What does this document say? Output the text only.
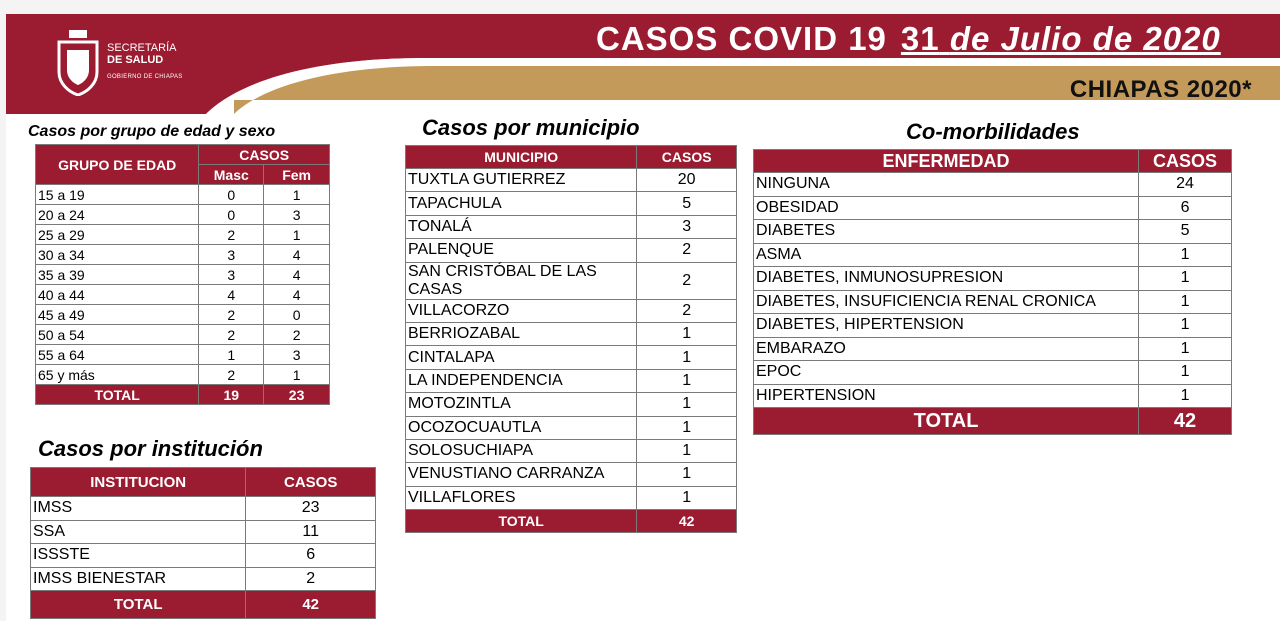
SECRETARÍA
DE SALUD
GOBIERNO DE CHIAPAS
CASOS COVID 19 31 de Julio de 2020
CHIAPAS 2020*
Casos por grupo de edad y sexo
GRUPO DE EDAD	CASOS	
	Masc	Fem
15 a 19	0	1
20 a 24	0	3
25 a 29	2	1
30 a 34	3	4
35 a 39	3	4
40 a 44	4	4
45 a 49	2	0
50 a 54	2	2
55 a 64	1	3
65 y más	2	1
TOTAL	19	23
Casos por institución
INSTITUCION	CASOS
IMSS	23
SSA	11
ISSSTE	6
IMSS BIENESTAR	2
TOTAL	42
Casos por municipio
MUNICIPIO	CASOS
TUXTLA GUTIERREZ	20
TAPACHULA	5
TONALÁ	3
PALENQUE	2
SAN CRISTÓBAL DE LAS CASAS	2
VILLACORZO	2
BERRIOZABAL	1
CINTALAPA	1
LA INDEPENDENCIA	1
MOTOZINTLA	1
OCOZOCUAUTLA	1
SOLOSUCHIAPA	1
VENUSTIANO CARRANZA	1
VILLAFLORES	1
TOTAL	42
Co-morbilidades
ENFERMEDAD	CASOS
NINGUNA	24
OBESIDAD	6
DIABETES	5
ASMA	1
DIABETES, INMUNOSUPRESION	1
DIABETES, INSUFICIENCIA RENAL CRONICA	1
DIABETES, HIPERTENSION	1
EMBARAZO	1
EPOC	1
HIPERTENSION	1
TOTAL	42
